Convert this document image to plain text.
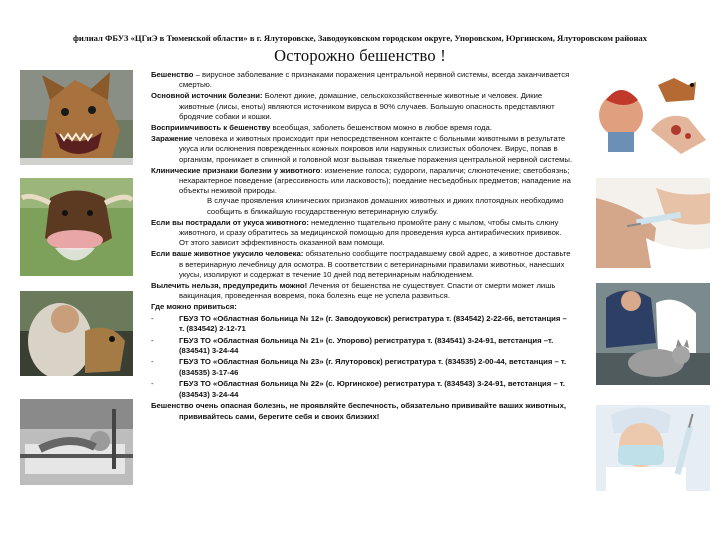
филиал ФБУЗ «ЦГиЭ в Тюменской области» в г. Ялуторовске, Заводоуковском городском округе, Упоровском, Юргинском, Ялуторовском районах
Осторожно бешенство !
Бешенство – вирусное заболевание с признаками поражения центральной нервной системы, всегда заканчивается смертью.
Основной источник болезни: Болеют дикие, домашние, сельскохозяйственные животные и человек. Дикие животные (лисы, еноты) являются источником вируса в 90% случаев. Большую опасность представляют бродячие собаки и кошки.
Восприимчивость к бешенству всеобщая, заболеть бешенством можно в любое время года.
Заражение человека и животных происходит при непосредственном контакте с больными животными в результате укуса или ослюнения поврежденных кожных покровов или наружных слизистых оболочек. Вирус, попав в организм, проникает в спинной и головной мозг вызывая тяжелые поражения центральной нервной системы.
Клинические признаки болезни у животного: изменение голоса; судороги, параличи; слюнотечение; светобоязнь; нехарактерное поведение (агрессивность или ласковость); поедание несъедобных предметов; нападение на объекты неживой природы.
В случае проявления клинических признаков домашних животных и диких плотоядных необходимо сообщить в ближайшую государственную ветеринарную службу.
Если вы пострадали от укуса животного: немедленно тщательно промойте рану с мылом, чтобы смыть слюну животного, и сразу обратитесь за медицинской помощью для проведения курса антирабических прививок. От этого зависит эффективность оказанной вам помощи.
Если ваше животное укусило человека: обязательно сообщите пострадавшему свой адрес, а животное доставьте в ветеринарную лечебницу для осмотра. В соответствии с ветеринарными правилами животных, нанесших укусы, изолируют и содержат в течение 10 дней под ветеринарным наблюдением.
Вылечить нельзя, предупредить можно! Лечения от бешенства не существует. Спасти от смерти может лишь вакцинация, проведенная вовремя, пока болезнь еще не успела развиться.
Где можно привиться:
-	ГБУЗ ТО «Областная больница № 12» (г. Заводоуковск) регистратура т. (834542) 2-22-66, ветстанция – т. (834542) 2-12-71
-	ГБУЗ ТО «Областная больница № 21» (с. Упорово) регистратура т. (834541) 3-24-91, ветстанция –т. (834541) 3-24-44
-	ГБУЗ ТО «Областная больница № 23» (г. Ялуторовск) регистратура т. (834535) 2-00-44, ветстанция – т. (834535) 3-17-46
-	ГБУЗ ТО «Областная больница № 22» (с. Юргинское) регистратура т. (834543) 3-24-91, ветстанция – т. (834543) 3-24-44
Бешенство очень опасная болезнь, не проявляйте беспечность, обязательно прививайте ваших животных, прививайтесь сами, берегите себя и своих близких!
